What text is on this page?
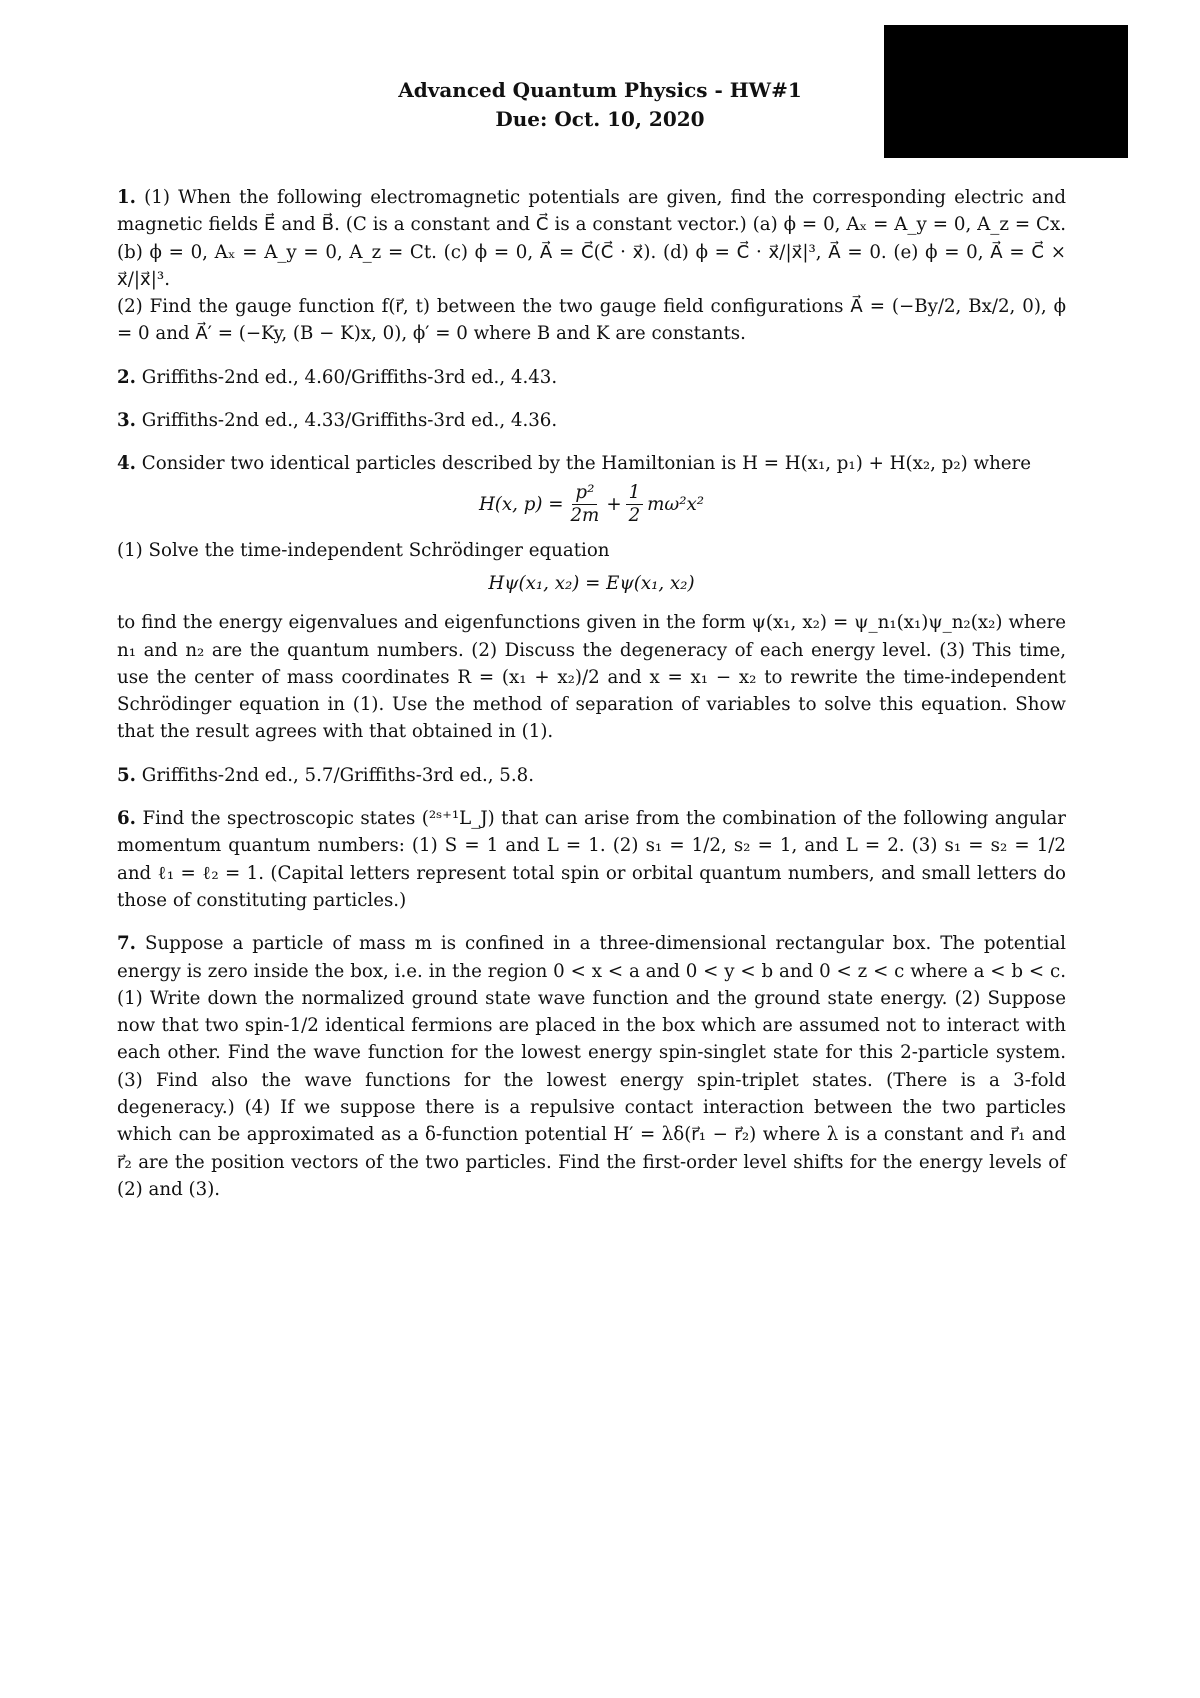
Advanced Quantum Physics - HW#1
Due: Oct. 10, 2020

1. (1) When the following electromagnetic potentials are given, find the corresponding electric and magnetic fields E⃗ and B⃗. (C is a constant and C⃗ is a constant vector.) (a) ϕ = 0, Aₓ = A_y = 0, A_z = Cx. (b) ϕ = 0, Aₓ = A_y = 0, A_z = Ct. (c) ϕ = 0, A⃗ = C⃗(C⃗ · x⃗). (d) ϕ = C⃗ · x⃗/|x⃗|³, A⃗ = 0. (e) ϕ = 0, A⃗ = C⃗ × x⃗/|x⃗|³.

(2) Find the gauge function f(r⃗, t) between the two gauge field configurations A⃗ = (−By/2, Bx/2, 0), ϕ = 0 and A⃗′ = (−Ky, (B − K)x, 0), ϕ′ = 0 where B and K are constants.

2. Griffiths-2nd ed., 4.60/Griffiths-3rd ed., 4.43.

3. Griffiths-2nd ed., 4.33/Griffiths-3rd ed., 4.36.

4. Consider two identical particles described by the Hamiltonian is H = H(x₁, p₁) + H(x₂, p₂) where

H(x, $p) = \frac{\text{p²}}{2m} + \frac{1}{2} m\omega^2x^2$

(1) Solve the time-independent Schrödinger equation

Hψ(x₁, x₂) = Eψ(x₁, x₂)

to find the energy eigenvalues and eigenfunctions given in the form ψ(x₁, x₂) = ψ_n₁(x₁)ψ_n₂(x₂) where n₁ and n₂ are the quantum numbers. (2) Discuss the degeneracy of each energy level. (3) This time, use the center of mass coordinates R = (x₁ + x₂)/2 and x = x₁ − x₂ to rewrite the time-independent Schrödinger equation in (1). Use the method of separation of variables to solve this equation. Show that the result agrees with that obtained in (1).

5. Griffiths-2nd ed., 5.7/Griffiths-3rd ed., 5.8.

6. Find the spectroscopic states (²ˢ⁺¹L_J) that can arise from the combination of the following angular momentum quantum numbers: (1) S = 1 and L = 1. (2) s₁ = 1/2, s₂ = 1, and L = 2. (3) s₁ = s₂ = 1/2 and ℓ₁ = ℓ₂ = 1. (Capital letters represent total spin or orbital quantum numbers, and small letters do those of constituting particles.)

7. Suppose a particle of mass m is confined in a three-dimensional rectangular box. The potential energy is zero inside the box, i.e. in the region 0 < x < a and 0 < y < b and 0 < z < c where a < b < c. (1) Write down the normalized ground state wave function and the ground state energy. (2) Suppose now that two spin-1/2 identical fermions are placed in the box which are assumed not to interact with each other. Find the wave function for the lowest energy spin-singlet state for this 2-particle system. (3) Find also the wave functions for the lowest energy spin-triplet states. (There is a 3-fold degeneracy.) (4) If we suppose there is a repulsive contact interaction between the two particles which can be approximated as a δ-function potential H′ = λδ(r⃗₁ − r⃗₂) where λ is a constant and r⃗₁ and r⃗₂ are the position vectors of the two particles. Find the first-order level shifts for the energy levels of (2) and (3).
